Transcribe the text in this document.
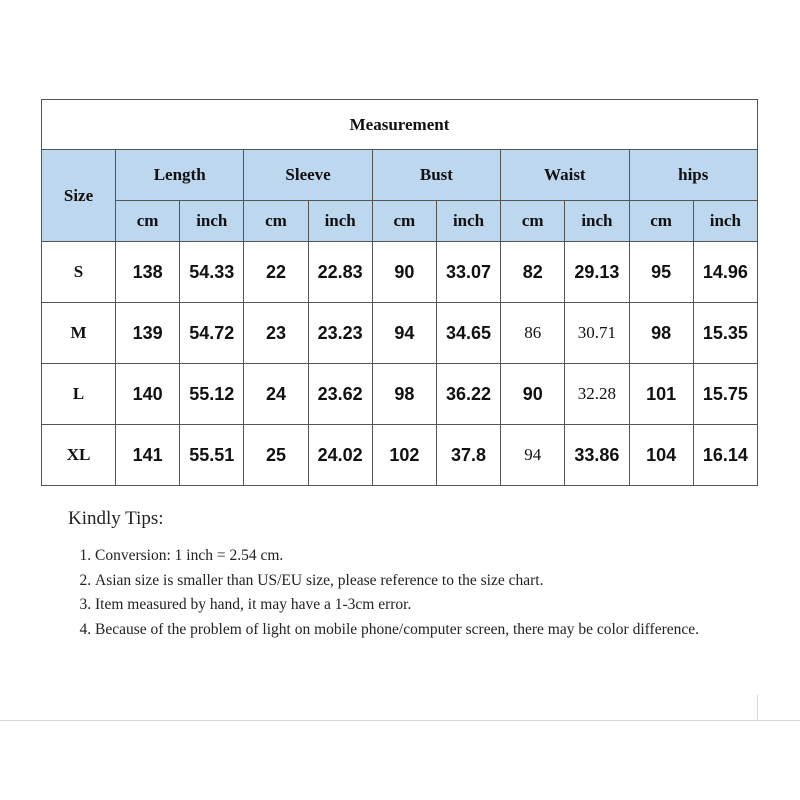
Measurement										
Size	Length		Sleeve		Bust		Waist		hips	
	cm	inch	cm	inch	cm	inch	cm	inch	cm	inch
S	138	54.33	22	22.83	90	33.07	82	29.13	95	14.96
M	139	54.72	23	23.23	94	34.65	86	30.71	98	15.35
L	140	55.12	24	23.62	98	36.22	90	32.28	101	15.75
XL	141	55.51	25	24.02	102	37.8	94	33.86	104	16.14
Kindly Tips:
1. Conversion: 1 inch = 2.54 cm.
2. Asian size is smaller than US/EU size, please reference to the size chart.
3. Item measured by hand, it may have a 1-3cm error.
4. Because of the problem of light on mobile phone/computer screen, there may be color difference.
